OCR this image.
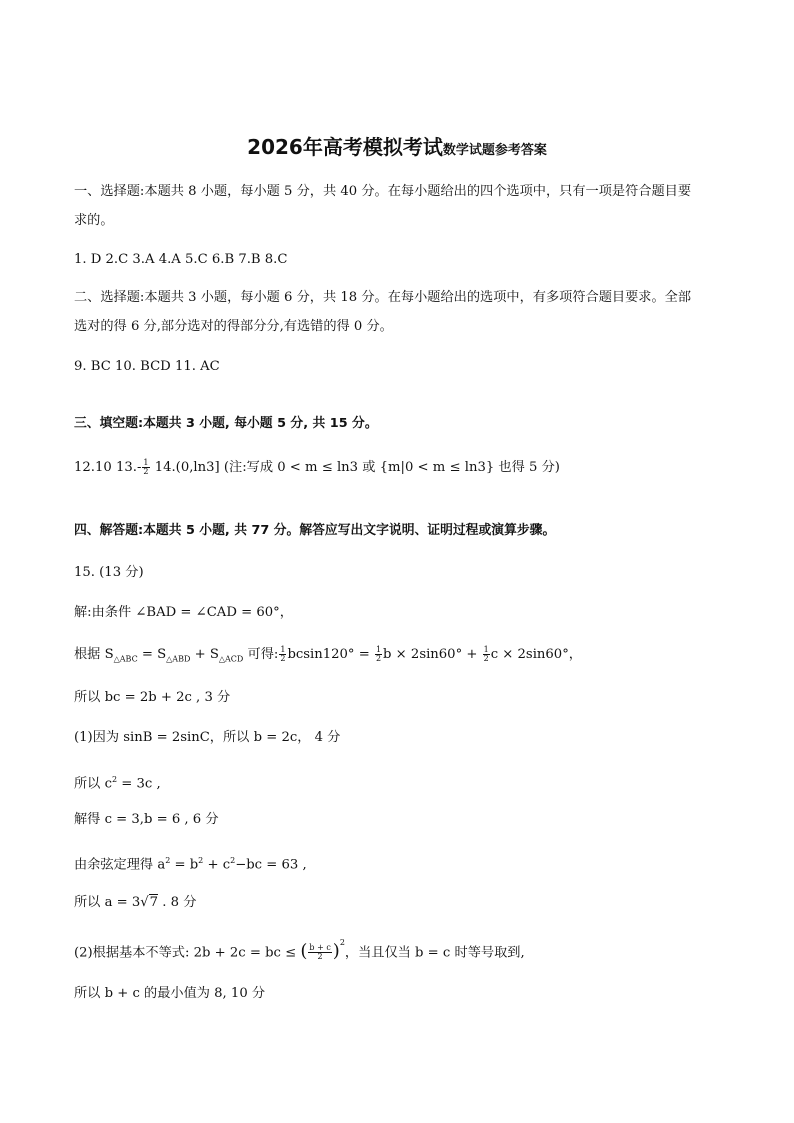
2026年高考模拟考试数学试题参考答案
一、选择题:本题共 8 小题，每小题 5 分，共 40 分。在每小题给出的四个选项中，只有一项是符合题目要
求的。
1. D 2.C 3.A 4.A 5.C 6.B 7.B 8.C
二、选择题:本题共 3 小题，每小题 6 分，共 18 分。在每小题给出的选项中，有多项符合题目要求。全部
选对的得 6 分,部分选对的得部分分,有选错的得 0 分。
9. BC 10. BCD 11. AC
三、填空题:本题共 3 小题, 每小题 5 分, 共 15 分。
12.10 $13.- \frac{1}{2} 14.(0,\ln 3]$ (注:写成 0 < m ≤ ln3 或 {m|0 < m ≤ ln3} 也得 5 分)
四、解答题:本题共 5 小题, 共 77 分。解答应写出文字说明、证明过程或演算步骤。
15. (13 分)
解:由条件 ∠BAD = ∠CAD = 60°，
根据 $S_{\triangle ABC} = S_{\triangle ABD} + S_{\triangle ACD}$ 可得: $\frac{1}{2} bcsin120^\circ = \frac{1}{2}$ $b \times 2\sin 60^\circ + \frac{1}{2}$ c × 2sin60°，
所以 bc = 2b + 2c , 3 分
(1)因为 sinB = 2sinC，所以 b = 2c， 4 分
所以 $c^2 = 3c$ ,
解得 c = 3,b = 6 , 6 分
由余弦定理得 $a^2 = b^2 + c^2-bc = 63$ ,
所以 a = 3√7 . 8 分
(2)根据基本不等式: 2b + 2c = bc ≤ ( $\frac{b + c}{2} )^2$，当且仅当 b = c 时等号取到,
所以 b + c 的最小值为 8, 10 分
